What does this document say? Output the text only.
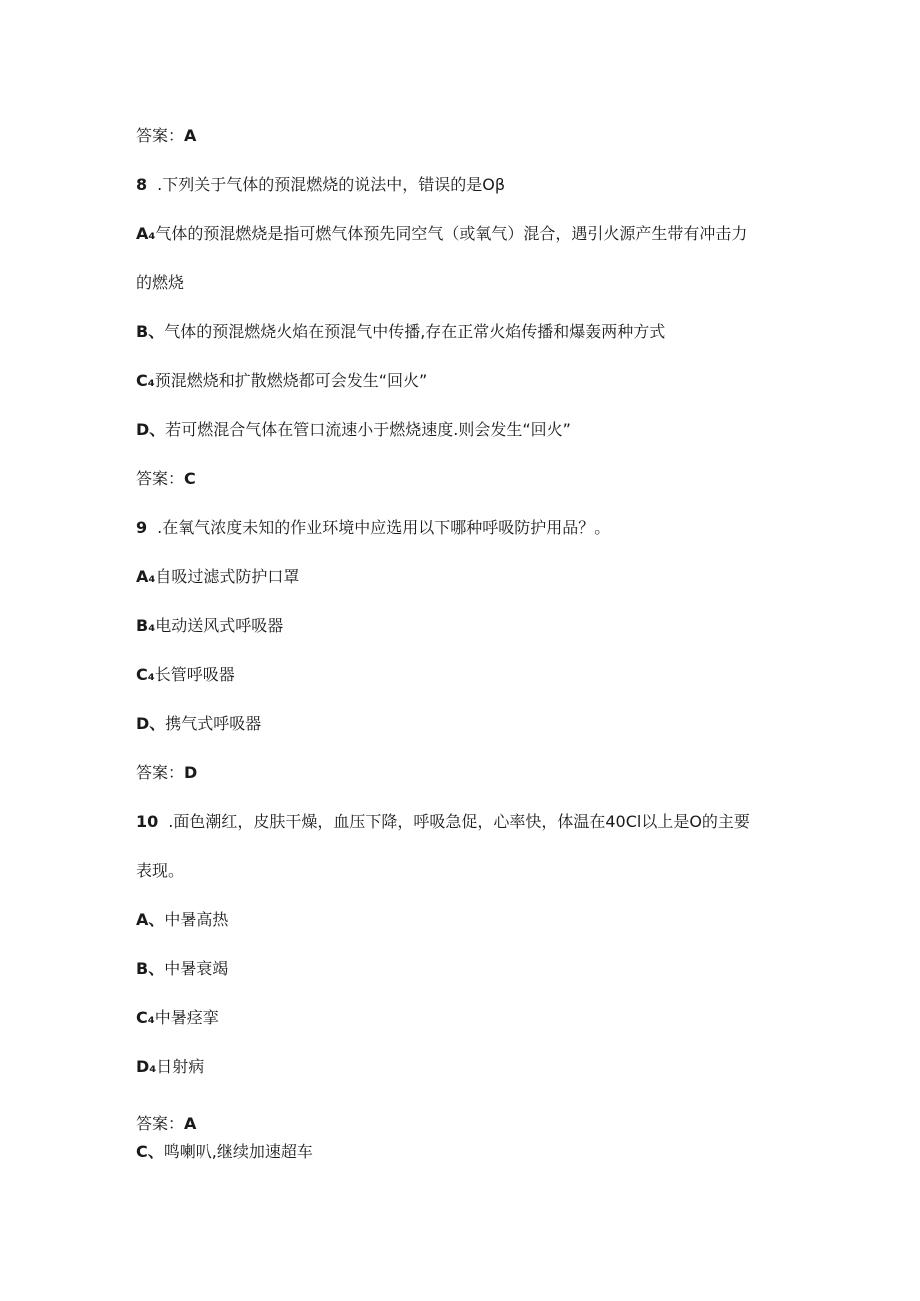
答案：A
8 .下列关于气体的预混燃烧的说法中，错误的是Oβ
A₄气体的预混燃烧是指可燃气体预先同空气（或氧气）混合，遇引火源产生带有冲击力
的燃烧
B、气体的预混燃烧火焰在预混气中传播,存在正常火焰传播和爆轰两种方式
C₄预混燃烧和扩散燃烧都可会发生“回火”
D、若可燃混合气体在管口流速小于燃烧速度.则会发生“回火”
答案：C
9 .在氧气浓度未知的作业环境中应选用以下哪种呼吸防护用品？。
A₄自吸过滤式防护口罩
B₄电动送风式呼吸器
C₄长管呼吸器
D、携气式呼吸器
答案：D
10 .面色潮红，皮肤干燥，血压下降，呼吸急促，心率快，体温在40Cl以上是O的主要
表现。
A、中暑高热
B、中暑衰竭
C₄中暑痉挛
D₄日射病
答案：A
C、鸣喇叭,继续加速超车
